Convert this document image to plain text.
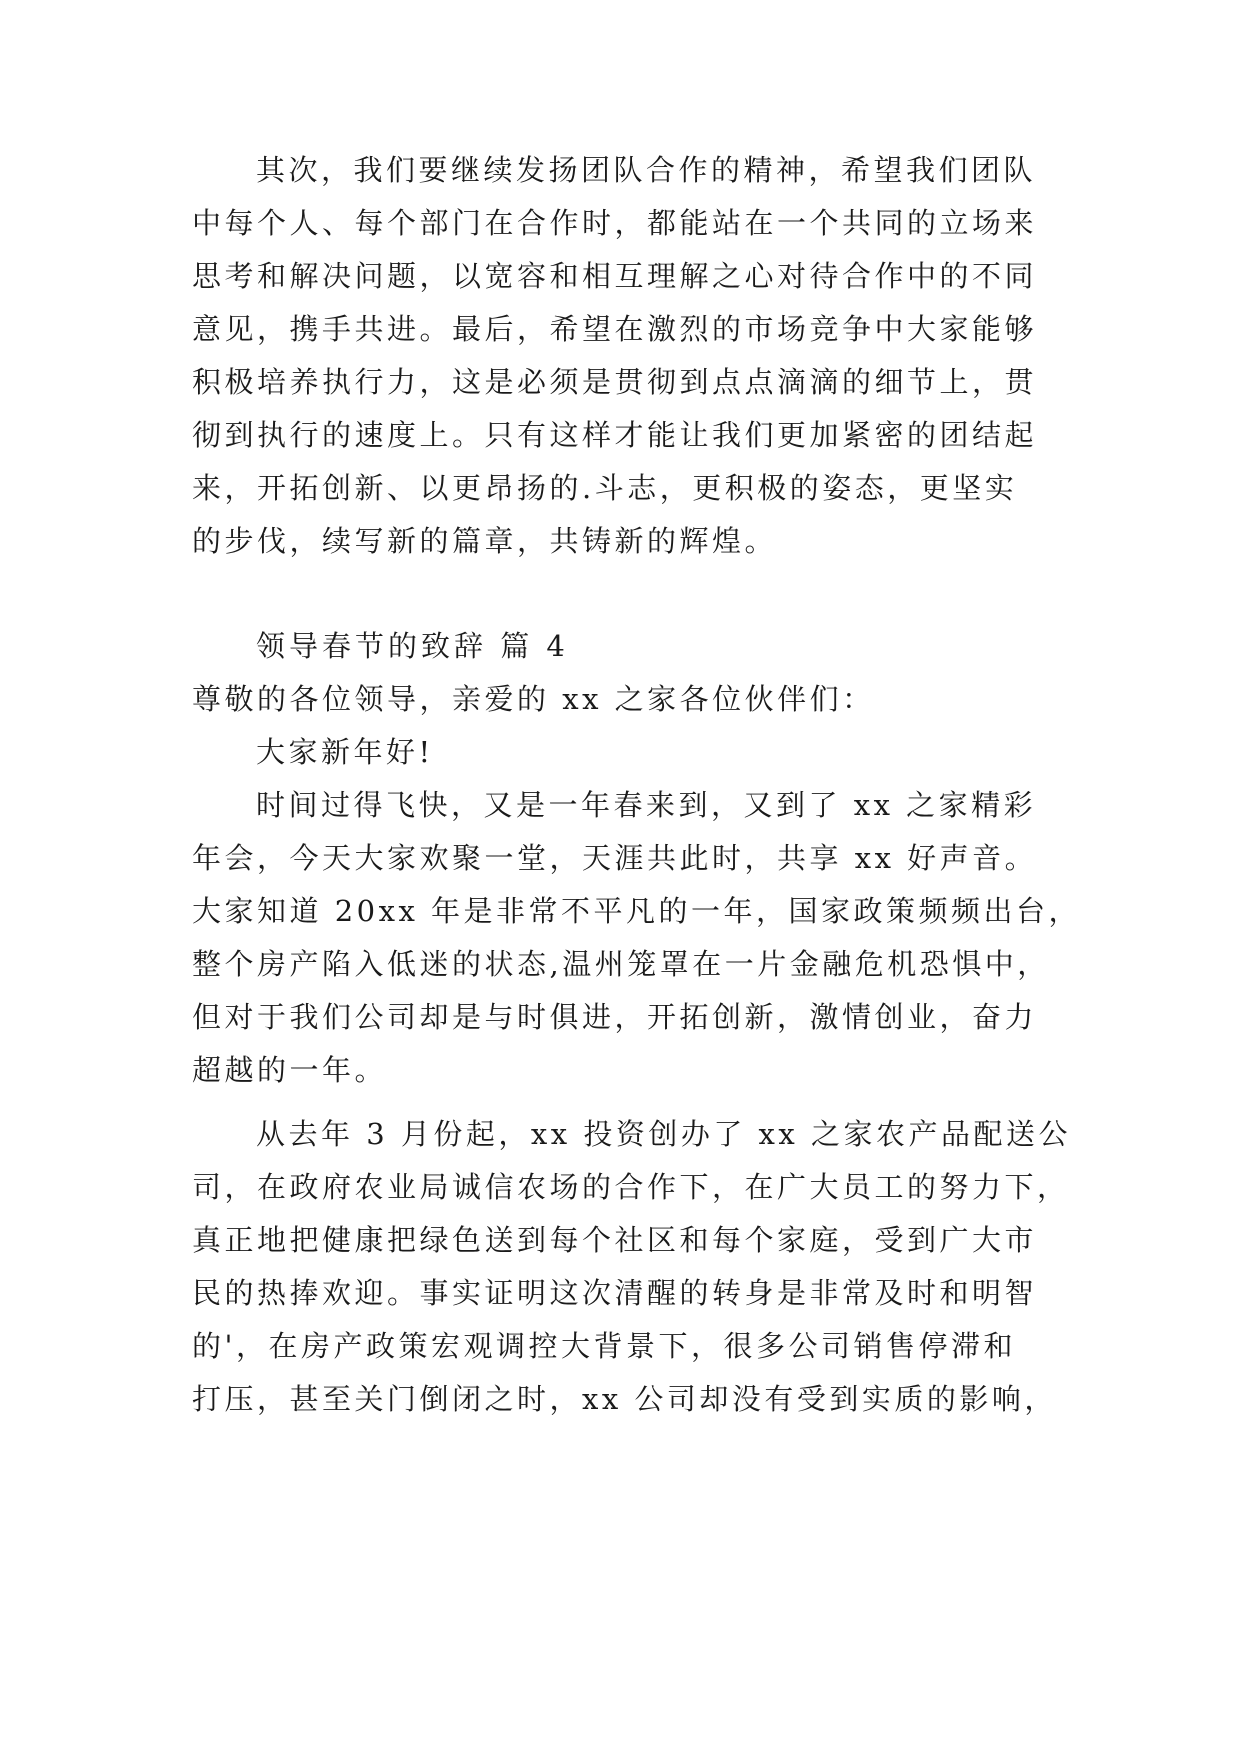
其次，我们要继续发扬团队合作的精神，希望我们团队
中每个人、每个部门在合作时，都能站在一个共同的立场来
思考和解决问题，以宽容和相互理解之心对待合作中的不同
意见，携手共进。最后，希望在激烈的市场竞争中大家能够
积极培养执行力，这是必须是贯彻到点点滴滴的细节上，贯
彻到执行的速度上。只有这样才能让我们更加紧密的团结起
来，开拓创新、以更昂扬的.斗志，更积极的姿态，更坚实
的步伐，续写新的篇章，共铸新的辉煌。
领导春节的致辞 篇 4
尊敬的各位领导，亲爱的 xx 之家各位伙伴们：
大家新年好!
时间过得飞快，又是一年春来到，又到了 xx 之家精彩
年会，今天大家欢聚一堂，天涯共此时，共享 xx 好声音。
大家知道 20xx 年是非常不平凡的一年，国家政策频频出台，
整个房产陷入低迷的状态,温州笼罩在一片金融危机恐惧中，
但对于我们公司却是与时俱进，开拓创新，激情创业，奋力
超越的一年。
从去年 3 月份起，xx 投资创办了 xx 之家农产品配送公
司，在政府农业局诚信农场的合作下，在广大员工的努力下，
真正地把健康把绿色送到每个社区和每个家庭，受到广大市
民的热捧欢迎。事实证明这次清醒的转身是非常及时和明智
的'，在房产政策宏观调控大背景下，很多公司销售停滞和
打压，甚至关门倒闭之时，xx 公司却没有受到实质的影响，
